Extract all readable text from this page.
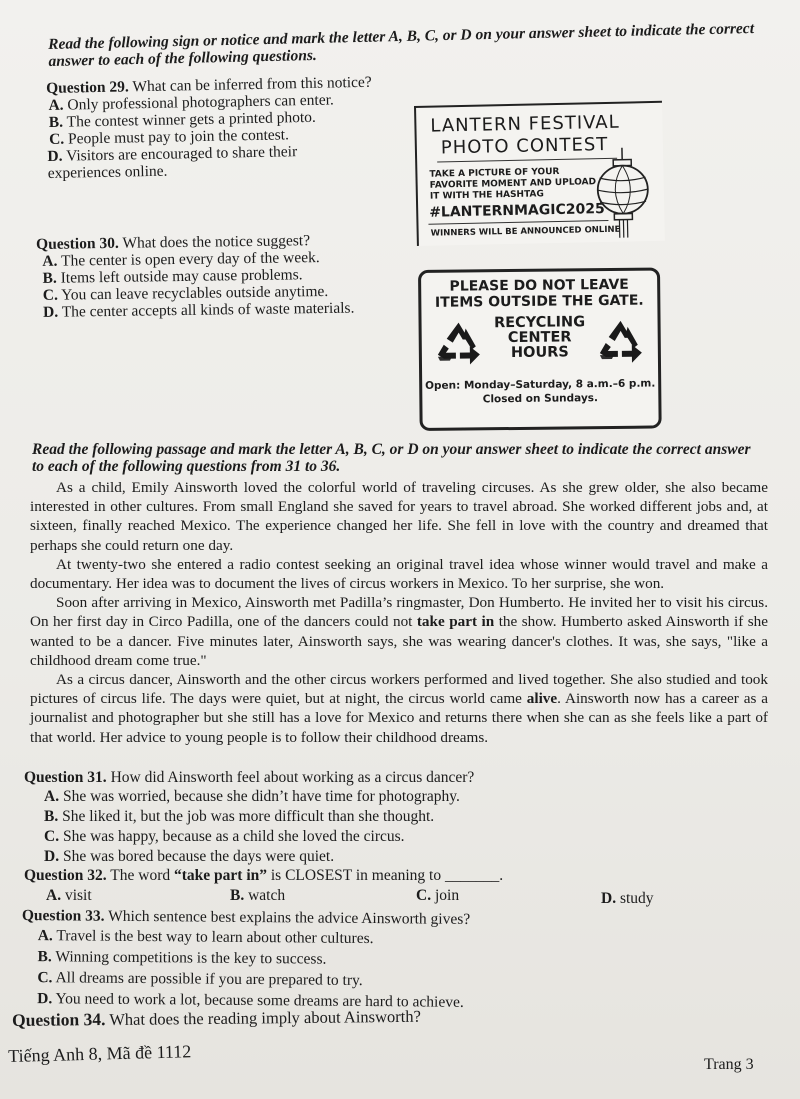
Read the following sign or notice and mark the letter A, B, C, or D on your answer sheet to indicate the correct answer to each of the following questions.
Question 29. What can be inferred from this notice?
A. Only professional photographers can enter.
B. The contest winner gets a printed photo.
C. People must pay to join the contest.
D. Visitors are encouraged to share their experiences online.
LANTERN FESTIVAL
PHOTO CONTEST
TAKE A PICTURE OF YOUR
FAVORITE MOMENT AND UPLOAD
IT WITH THE HASHTAG
#LANTERNMAGIC2025
WINNERS WILL BE ANNOUNCED ONLINE
Question 30. What does the notice suggest?
A. The center is open every day of the week.
B. Items left outside may cause problems.
C. You can leave recyclables outside anytime.
D. The center accepts all kinds of waste materials.
PLEASE DO NOT LEAVE
ITEMS OUTSIDE THE GATE.
RECYCLING
CENTER
HOURS
Open: Monday–Saturday, 8 a.m.–6 p.m.
Closed on Sundays.
Read the following passage and mark the letter A, B, C, or D on your answer sheet to indicate the correct answer to each of the following questions from 31 to 36.
As a child, Emily Ainsworth loved the colorful world of traveling circuses. As she grew older, she also became interested in other cultures. From small England she saved for years to travel abroad. She worked different jobs and, at sixteen, finally reached Mexico. The experience changed her life. She fell in love with the country and dreamed that perhaps she could return one day.
At twenty-two she entered a radio contest seeking an original travel idea whose winner would travel and make a documentary. Her idea was to document the lives of circus workers in Mexico. To her surprise, she won.
Soon after arriving in Mexico, Ainsworth met Padilla’s ringmaster, Don Humberto. He invited her to visit his circus. On her first day in Circo Padilla, one of the dancers could not take part in the show. Humberto asked Ainsworth if she wanted to be a dancer. Five minutes later, Ainsworth says, she was wearing dancer's clothes. It was, she says, "like a childhood dream come true."
As a circus dancer, Ainsworth and the other circus workers performed and lived together. She also studied and took pictures of circus life. The days were quiet, but at night, the circus world came alive. Ainsworth now has a career as a journalist and photographer but she still has a love for Mexico and returns there when she can as she feels like a part of that world. Her advice to young people is to follow their childhood dreams.
Question 31. How did Ainsworth feel about working as a circus dancer?
A. She was worried, because she didn’t have time for photography.
B. She liked it, but the job was more difficult than she thought.
C. She was happy, because as a child she loved the circus.
D. She was bored because the days were quiet.
Question 32. The word “take part in” is CLOSEST in meaning to _______.
A. visit	B. watch	C. join	D. study
Question 33. Which sentence best explains the advice Ainsworth gives?
A. Travel is the best way to learn about other cultures.
B. Winning competitions is the key to success.
C. All dreams are possible if you are prepared to try.
D. You need to work a lot, because some dreams are hard to achieve.
Question 34. What does the reading imply about Ainsworth?
Tiếng Anh 8, Mã đề 1112	Trang 3
